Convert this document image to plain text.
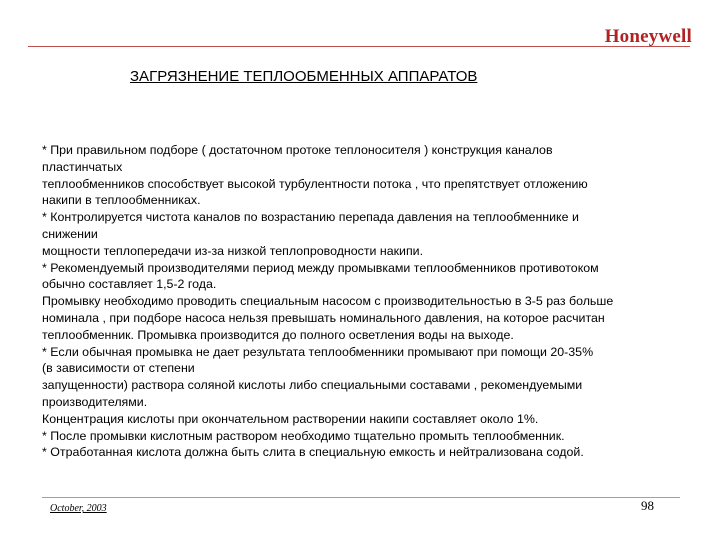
Honeywell
ЗАГРЯЗНЕНИЕ ТЕПЛООБМЕННЫХ АППАРАТОВ
* При правильном подборе ( достаточном протоке теплоносителя ) конструкция каналов
пластинчатых
теплообменников способствует высокой турбулентности потока , что препятствует отложению
накипи в теплообменниках.
* Контролируется чистота каналов по возрастанию перепада давления на теплообменнике и
снижении
мощности теплопередачи из-за низкой теплопроводности накипи.
* Рекомендуемый производителями период между промывками теплообменников противотоком
обычно составляет 1,5-2 года.
Промывку необходимо проводить специальным насосом с производительностью в 3-5 раз больше
номинала , при подборе насоса нельзя превышать номинального давления, на которое расчитан
теплообменник. Промывка производится до полного осветления воды на выходе.
* Если обычная промывка не дает результата теплообменники промывают при помощи 20-35%
(в зависимости от степени
запущенности) раствора соляной кислоты либо специальными составами , рекомендуемыми
производителями.
Концентрация кислоты при окончательном растворении накипи составляет около 1%.
* После промывки кислотным раствором необходимо тщательно промыть теплообменник.
* Отработанная кислота должна быть слита в специальную емкость и нейтрализована содой.
October, 2003	98
